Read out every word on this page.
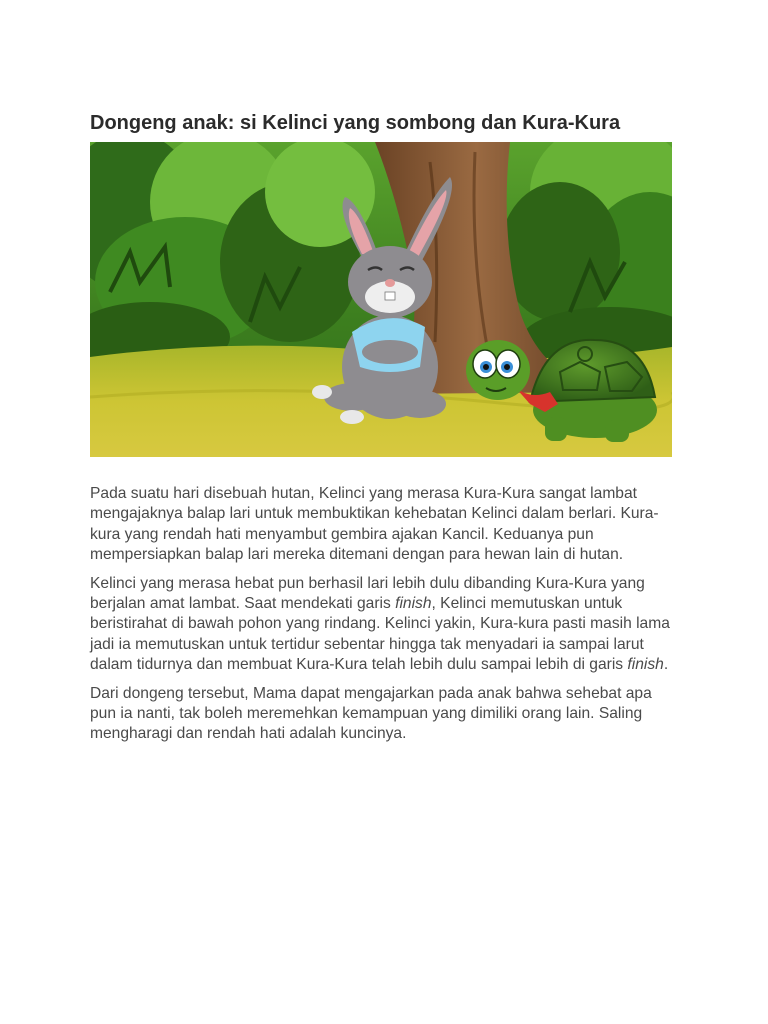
Dongeng anak: si Kelinci yang sombong dan Kura-Kura

Pada suatu hari disebuah hutan, Kelinci yang merasa Kura-Kura sangat lambat mengajaknya balap lari untuk membuktikan kehebatan Kelinci dalam berlari. Kura-kura yang rendah hati menyambut gembira ajakan Kancil. Keduanya pun mempersiapkan balap lari mereka ditemani dengan para hewan lain di hutan.

Kelinci yang merasa hebat pun berhasil lari lebih dulu dibanding Kura-Kura yang berjalan amat lambat. Saat mendekati garis finish, Kelinci memutuskan untuk beristirahat di bawah pohon yang rindang. Kelinci yakin, Kura-kura pasti masih lama jadi ia memutuskan untuk tertidur sebentar hingga tak menyadari ia sampai larut dalam tidurnya dan membuat Kura-Kura telah lebih dulu sampai lebih di garis finish.

Dari dongeng tersebut, Mama dapat mengajarkan pada anak bahwa sehebat apa pun ia nanti, tak boleh meremehkan kemampuan yang dimiliki orang lain. Saling mengharagi dan rendah hati adalah kuncinya.
